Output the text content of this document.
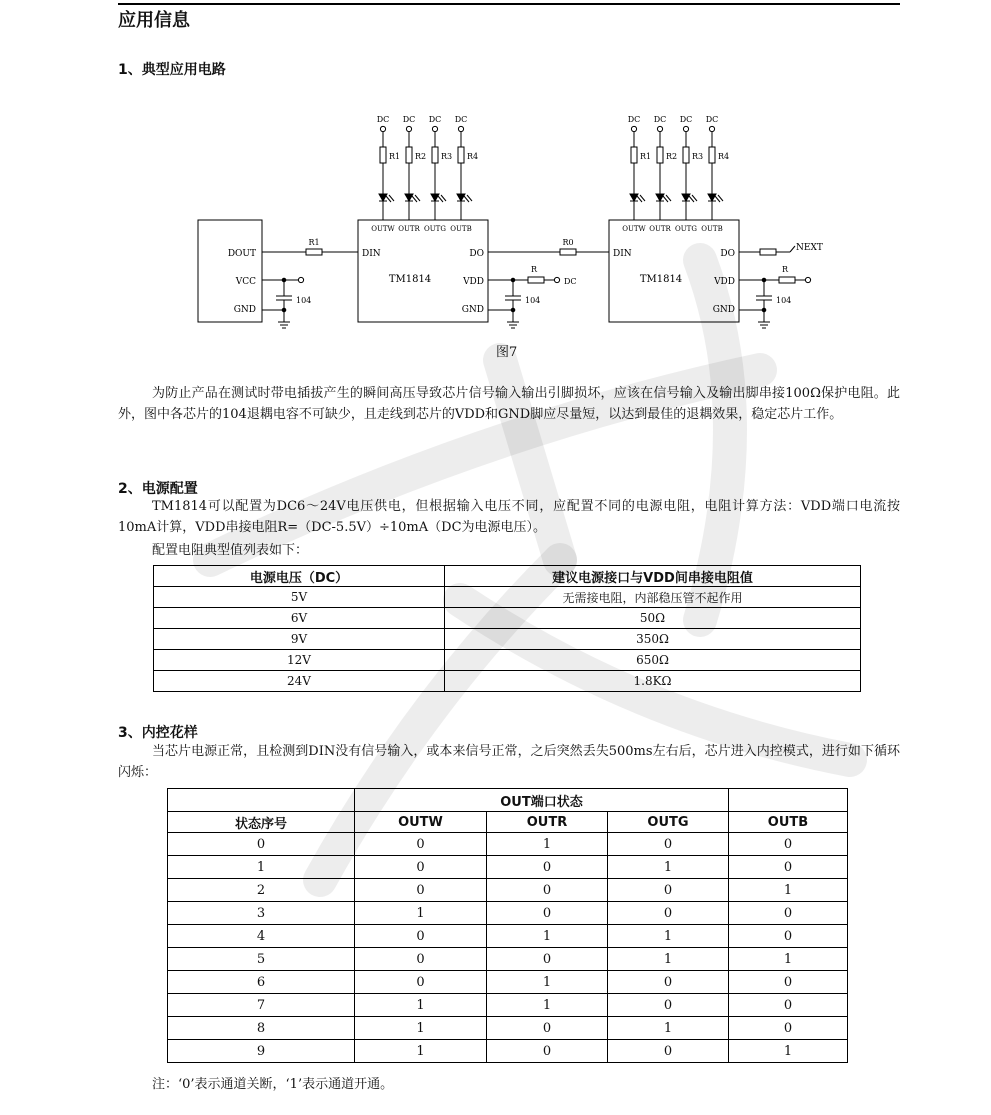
应用信息
1、典型应用电路
DOUT
VCC
GND
R1
104
DC
R1
DC
R2
DC
R3
DC
R4
OUTW OUTR OUTG OUTB
DIN	DO
TM1814	VDD
GND
R
104
R0
DC
R1
DC
R2
DC
R3
DC
R4
OUTW OUTR OUTG OUTB
DIN	DO
TM1814	VDD
GND
R
104
DC
NEXT
图7
为防止产品在测试时带电插拔产生的瞬间高压导致芯片信号输入输出引脚损坏，应该在信号输入及输出脚串接100Ω保护电阻。此外，图中各芯片的104退耦电容不可缺少，且走线到芯片的VDD和GND脚应尽量短，以达到最佳的退耦效果，稳定芯片工作。
2、电源配置
TM1814可以配置为DC6～24V电压供电，但根据输入电压不同，应配置不同的电源电阻，电阻计算方法：VDD端口电流按10mA计算，VDD串接电阻R=（DC-5.5V）÷10mA（DC为电源电压）。
配置电阻典型值列表如下：
电源电压（DC）	建议电源接口与VDD间串接电阻值
5V	无需接电阻，内部稳压管不起作用
6V	50Ω
9V	350Ω
12V	650Ω
24V	1.8KΩ
3、内控花样
当芯片电源正常，且检测到DIN没有信号输入，或本来信号正常，之后突然丢失500ms左右后，芯片进入内控模式，进行如下循环闪烁：
	OUT端口状态			
状态序号	OUTW	OUTR	OUTG	OUTB
0	0	1	0	0
1	0	0	1	0
2	0	0	0	1
3	1	0	0	0
4	0	1	1	0
5	0	0	1	1
6	0	1	0	0
7	1	1	0	0
8	1	0	1	0
9	1	0	0	1
注：‘0’表示通道关断，‘1’表示通道开通。
